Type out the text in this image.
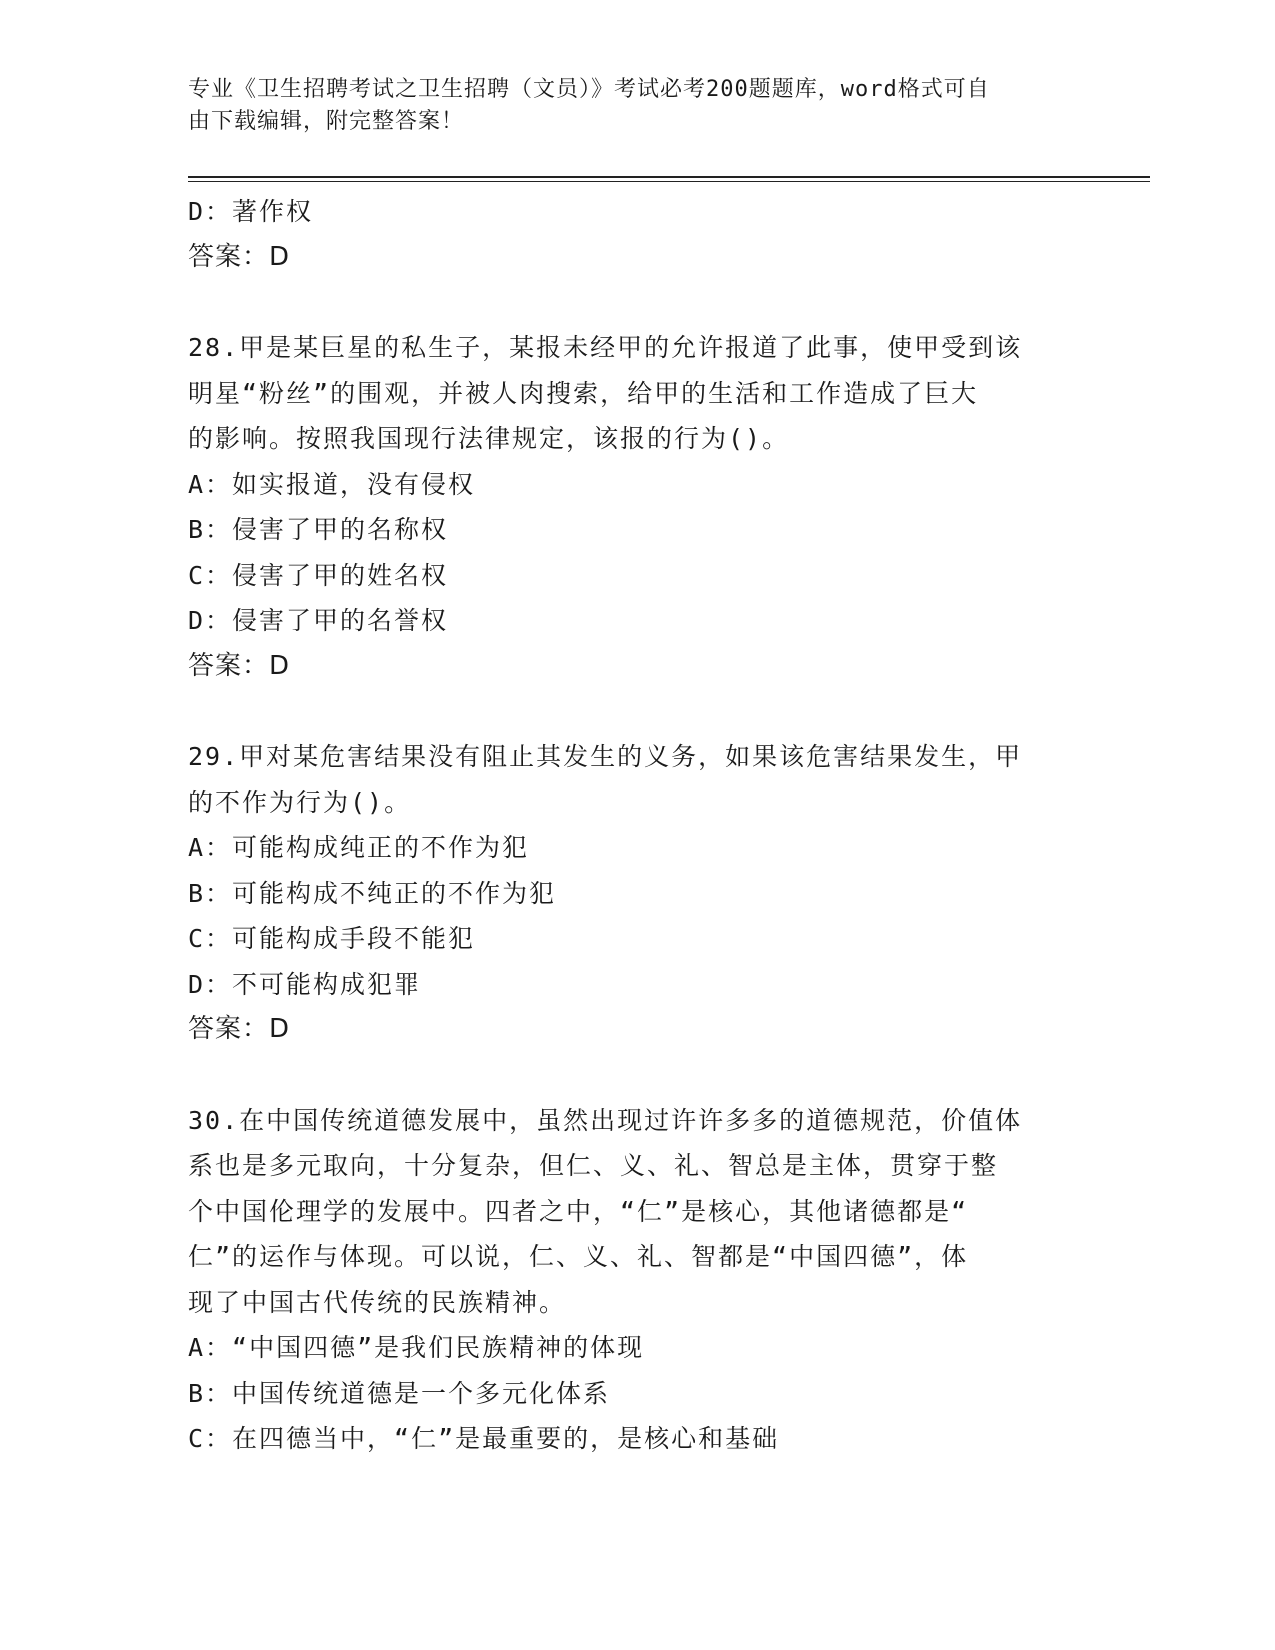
专业《卫生招聘考试之卫生招聘（文员）》考试必考200题题库，word格式可自
由下载编辑，附完整答案！
D：著作权
答案：D
28.甲是某巨星的私生子，某报未经甲的允许报道了此事，使甲受到该
明星“粉丝”的围观，并被人肉搜索，给甲的生活和工作造成了巨大
的影响。按照我国现行法律规定，该报的行为()。
A：如实报道，没有侵权
B：侵害了甲的名称权
C：侵害了甲的姓名权
D：侵害了甲的名誉权
答案：D
29.甲对某危害结果没有阻止其发生的义务，如果该危害结果发生，甲
的不作为行为()。
A：可能构成纯正的不作为犯
B：可能构成不纯正的不作为犯
C：可能构成手段不能犯
D：不可能构成犯罪
答案：D
30.在中国传统道德发展中，虽然出现过许许多多的道德规范，价值体
系也是多元取向，十分复杂，但仁、义、礼、智总是主体，贯穿于整
个中国伦理学的发展中。四者之中，“仁”是核心，其他诸德都是“
仁”的运作与体现。可以说，仁、义、礼、智都是“中国四德”，体
现了中国古代传统的民族精神。
A：“中国四德”是我们民族精神的体现
B：中国传统道德是一个多元化体系
C：在四德当中，“仁”是最重要的，是核心和基础
